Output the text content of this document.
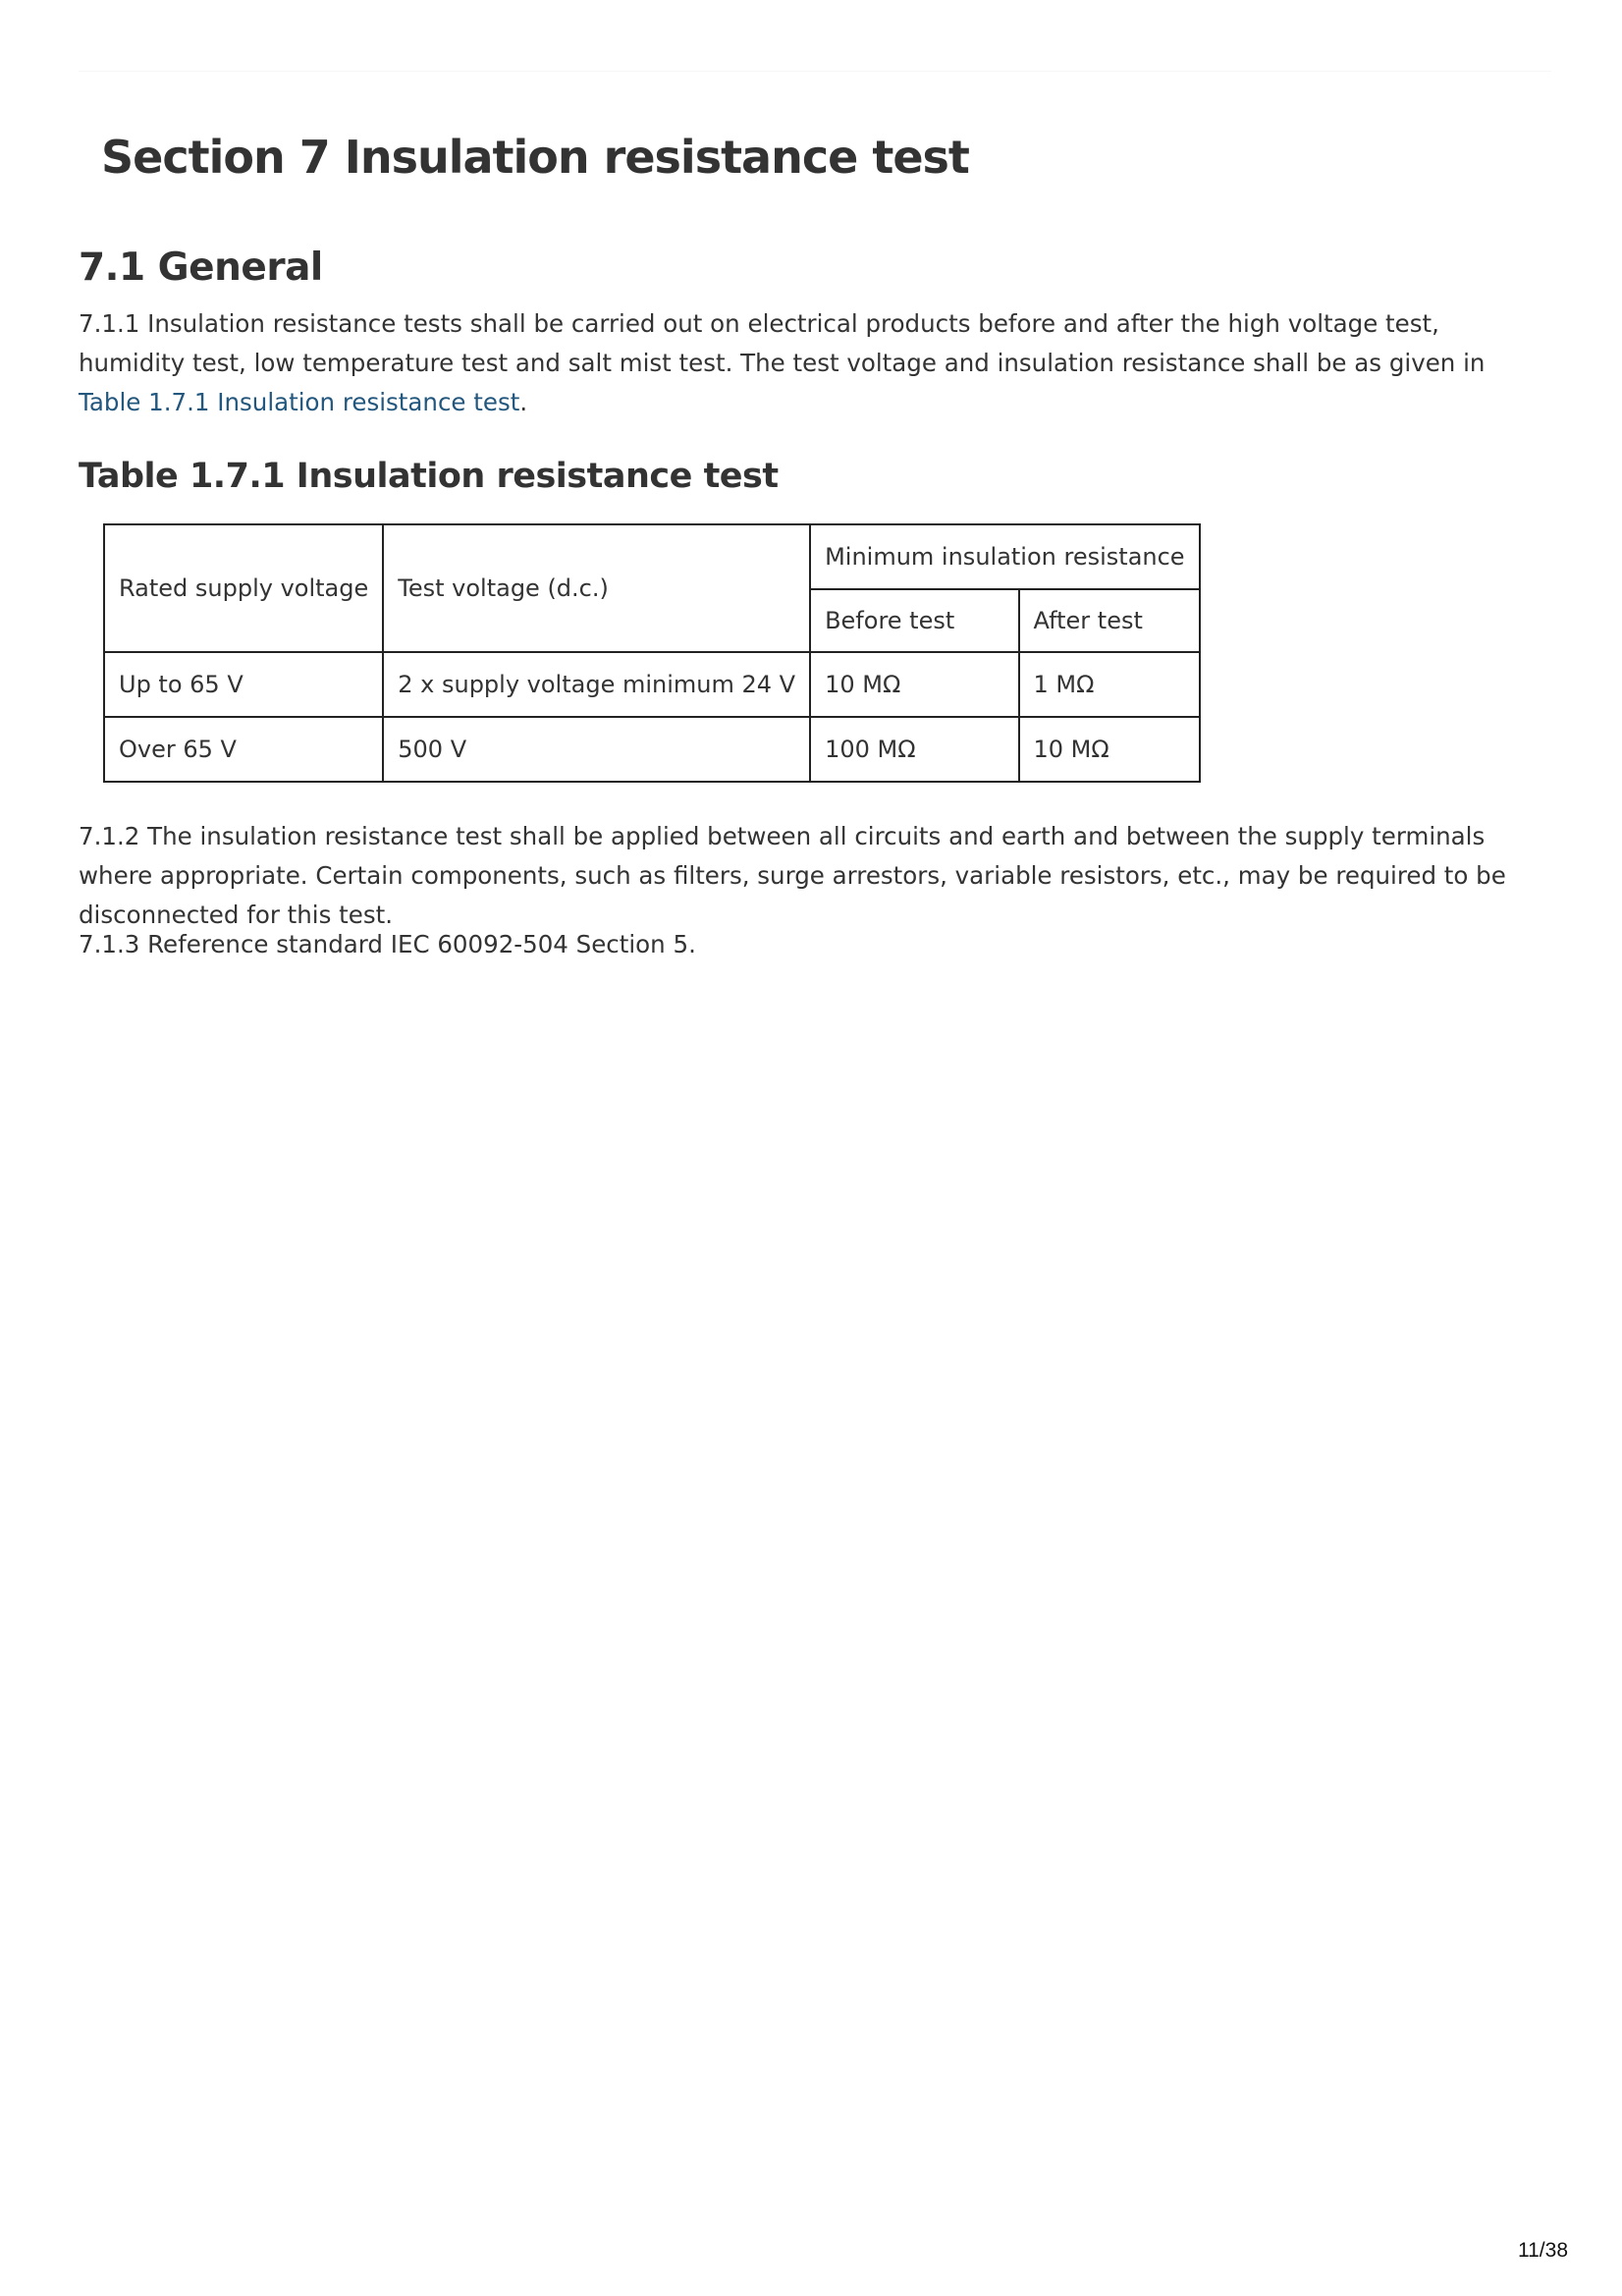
Section 7 Insulation resistance test
7.1 General

7.1.1 Insulation resistance tests shall be carried out on electrical products before and after the high voltage test, humidity test, low temperature test and salt mist test. The test voltage and insulation resistance shall be as given in Table 1.7.1 Insulation resistance test.

Table 1.7.1 Insulation resistance test
Rated supply voltage	Test voltage (d.c.)	Minimum insulation resistance	
		Before test	After test
Up to 65 V	2 x supply voltage minimum 24 V	10 MΩ	1 MΩ
Over 65 V	500 V	100 MΩ	10 MΩ

7.1.2 The insulation resistance test shall be applied between all circuits and earth and between the supply terminals where appropriate. Certain components, such as filters, surge arrestors, variable resistors, etc., may be required to be disconnected for this test.

7.1.3 Reference standard IEC 60092-504 Section 5.

11/38
